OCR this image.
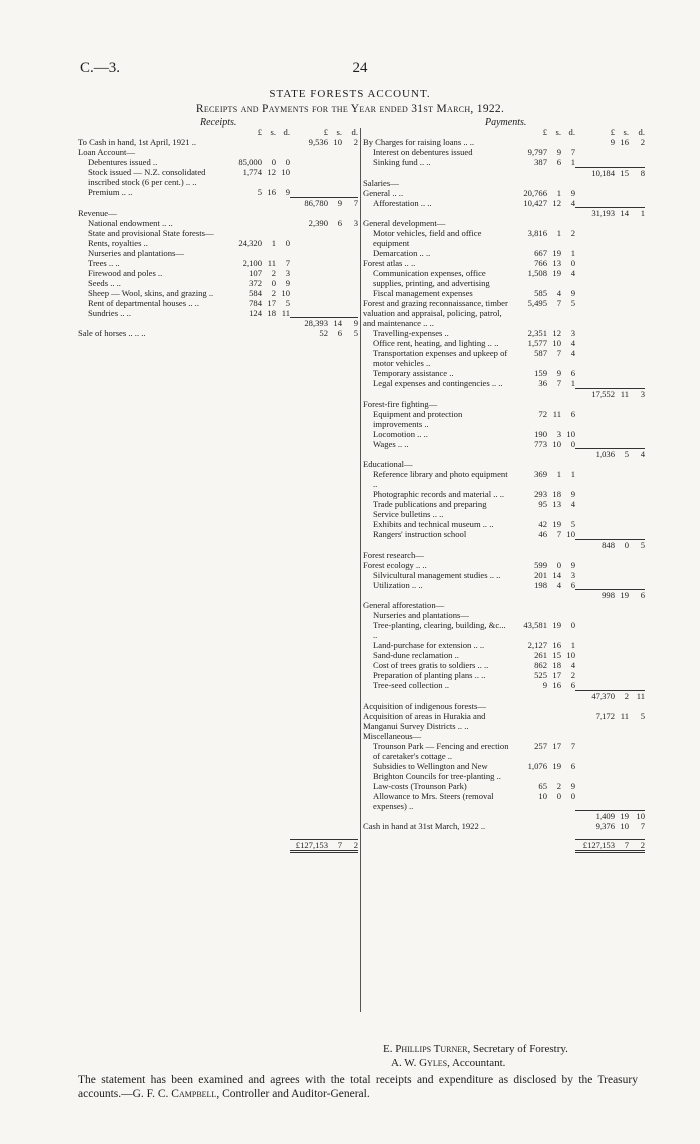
C.—3.	24
STATE FORESTS ACCOUNT.
Receipts and Payments for the Year ended 31st March, 1922.
Receipts.	Payments.
	£	s.	d.	£	s.	d.
To Cash in hand, 1st April, 1921 ..				9,536	10	2
Loan Account—						
Debentures issued ..	85,000	0	0			
Stock issued — N.Z. consolidated inscribed stock (6 per cent.) .. ..	1,774	12	10			
Premium .. ..	5	16	9			
				86,780	9	7
Revenue—						
National endowment .. ..				2,390	6	3
State and provisional State forests—						
Rents, royalties ..	24,320	1	0			
Nurseries and plantations—						
Trees .. ..	2,100	11	7			
Firewood and poles ..	107	2	3			
Seeds .. ..	372	0	9			
Sheep — Wool, skins, and grazing ..	584	2	10			
Rent of departmental houses .. ..	784	17	5			
Sundries .. ..	124	18	11			
				28,393	14	9
Sale of horses .. .. ..				52	6	5

				£127,153	7	2
	£	s.	d.	£	s.	d.
By Charges for raising loans .. ..				9	16	2
Interest on debentures issued	9,797	9	7			
Sinking fund .. ..	387	6	1			
				10,184	15	8
Salaries—						
General .. ..	20,766	1	9			
Afforestation .. ..	10,427	12	4			
				31,193	14	1
General development—						
Motor vehicles, field and office equipment	3,816	1	2			
Demarcation .. ..	667	19	1			
Forest atlas .. ..	766	13	0			
Communication expenses, office supplies, printing, and advertising	1,508	19	4			
Fiscal management expenses	585	4	9			
Forest and grazing reconnaissance, timber valuation and appraisal, policing, patrol, and maintenance .. ..	5,495	7	5			
Travelling-expenses ..	2,351	12	3			
Office rent, heating, and lighting .. ..	1,577	10	4			
Transportation expenses and upkeep of motor vehicles ..	587	7	4			
Temporary assistance ..	159	9	6			
Legal expenses and contingencies .. ..	36	7	1			
				17,552	11	3
Forest-fire fighting—						
Equipment and protection improvements ..	72	11	6			
Locomotion .. ..	190	3	10			
Wages .. ..	773	10	0			
				1,036	5	4
Educational—						
Reference library and photo equipment ..	369	1	1			
Photographic records and material .. ..	293	18	9			
Trade publications and preparing Service bulletins .. ..	95	13	4			
Exhibits and technical museum .. ..	42	19	5			
Rangers' instruction school	46	7	10			
				848	0	5
Forest research—						
Forest ecology .. ..	599	0	9			
Silvicultural management studies .. ..	201	14	3			
Utilization .. ..	198	4	6			
				998	19	6
General afforestation—						
Nurseries and plantations—						
Tree-planting, clearing, building, &c... ..	43,581	19	0			
Land-purchase for extension .. ..	2,127	16	1			
Sand-dune reclamation ..	261	15	10			
Cost of trees gratis to soldiers .. ..	862	18	4			
Preparation of planting plans .. ..	525	17	2			
Tree-seed collection ..	9	16	6			
				47,370	2	11
Acquisition of indigenous forests—						
Acquisition of areas in Hurakia and Manganui Survey Districts .. ..				7,172	11	5
Miscellaneous—						
Trounson Park — Fencing and erection of caretaker's cottage ..	257	17	7			
Subsidies to Wellington and New Brighton Councils for tree-planting ..	1,076	19	6			
Law-costs (Trounson Park)	65	2	9			
Allowance to Mrs. Steers (removal expenses) ..	10	0	0			
				1,409	19	10
Cash in hand at 31st March, 1922 ..				9,376	10	7

				£127,153	7	2
E. Phillips Turner, Secretary of Forestry.
A. W. Gyles, Accountant.
The statement has been examined and agrees with the total receipts and expenditure as disclosed by the Treasury accounts.—G. F. C. Campbell, Controller and Auditor-General.
